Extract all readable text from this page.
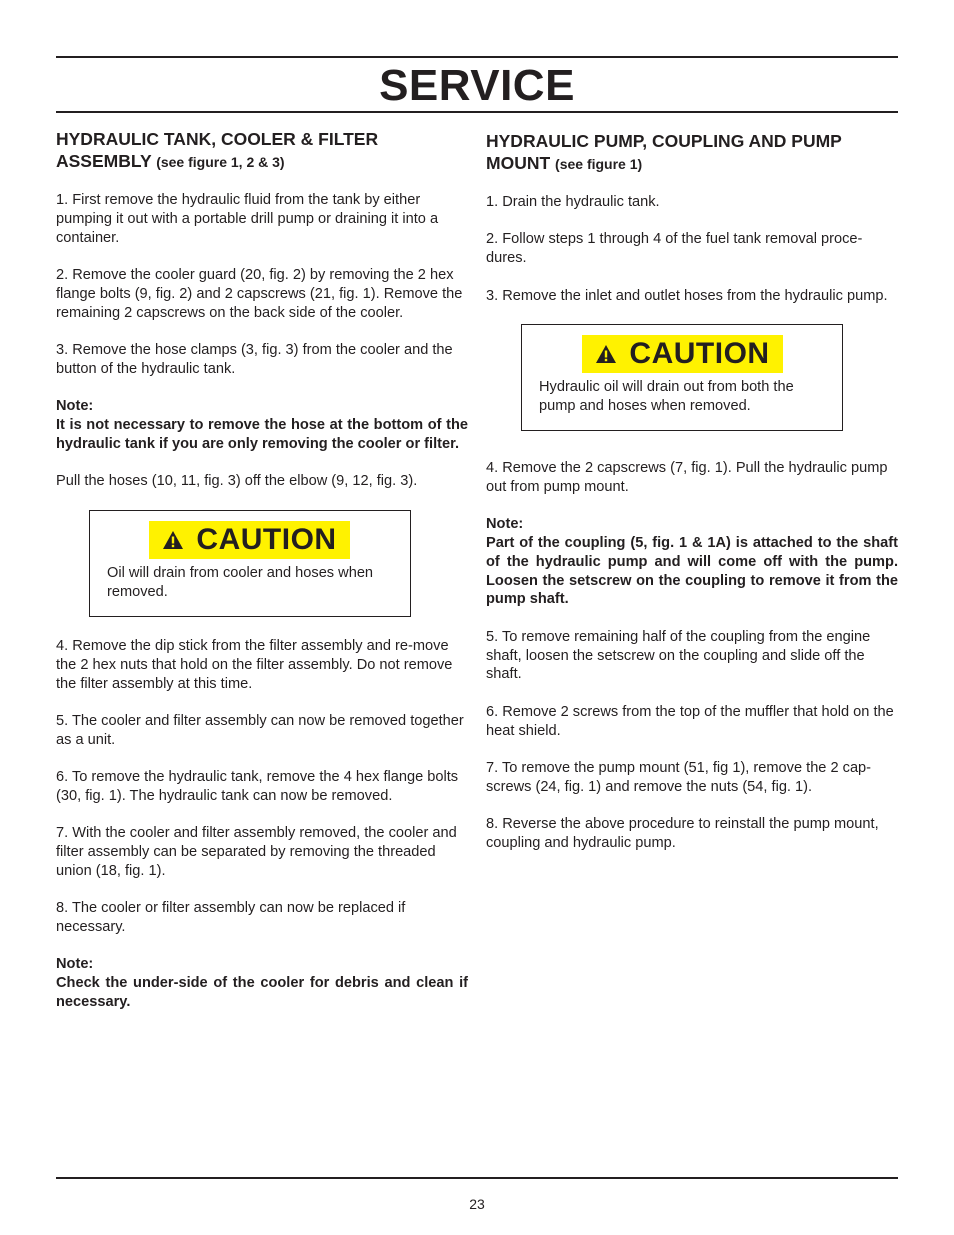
SERVICE
HYDRAULIC TANK, COOLER & FILTER ASSEMBLY (see figure 1, 2 & 3)

1. First remove the hydraulic fluid from the tank by either pumping it out with a portable drill pump or draining it into a container.

2. Remove the cooler guard (20, fig. 2) by removing the 2 hex flange bolts (9, fig. 2) and 2 capscrews (21, fig. 1). Remove the remaining 2 capscrews on the back side of the cooler.

3. Remove the hose clamps (3, fig. 3) from the cooler and the button of the hydraulic tank.

Note:

It is not necessary to remove the hose at the bottom of the hydraulic tank if you are only removing the cooler or filter.

Pull the hoses (10, 11, fig. 3) off the elbow (9, 12, fig. 3).

CAUTION
Oil will drain from cooler and hoses when removed.

4. Remove the dip stick from the filter assembly and re-move the 2 hex nuts that hold on the filter assembly. Do not remove the filter assembly at this time.

5. The cooler and filter assembly can now be removed together as a unit.

6. To remove the hydraulic tank, remove the 4 hex flange bolts (30, fig. 1). The hydraulic tank can now be removed.

7. With the cooler and filter assembly removed, the cooler and filter assembly can be separated by removing the threaded union (18, fig. 1).

8. The cooler or filter assembly can now be replaced if necessary.

Note:

Check the under-side of the cooler for debris and clean if necessary.

HYDRAULIC PUMP, COUPLING AND PUMP MOUNT (see figure 1)

1. Drain the hydraulic tank.

2. Follow steps 1 through 4 of the fuel tank removal proce-dures.

3. Remove the inlet and outlet hoses from the hydraulic pump.

CAUTION
Hydraulic oil will drain out from both the pump and hoses when removed.

4. Remove the 2 capscrews (7, fig. 1). Pull the hydraulic pump out from pump mount.

Note:

Part of the coupling (5, fig. 1 & 1A) is attached to the shaft of the hydraulic pump and will come off with the pump. Loosen the setscrew on the coupling to remove it from the pump shaft.

5. To remove remaining half of the coupling from the engine shaft, loosen the setscrew on the coupling and slide off the shaft.

6. Remove 2 screws from the top of the muffler that hold on the heat shield.

7. To remove the pump mount (51, fig 1), remove the 2 cap-screws (24, fig. 1) and remove the nuts (54, fig. 1).

8. Reverse the above procedure to reinstall the pump mount, coupling and hydraulic pump.

23
